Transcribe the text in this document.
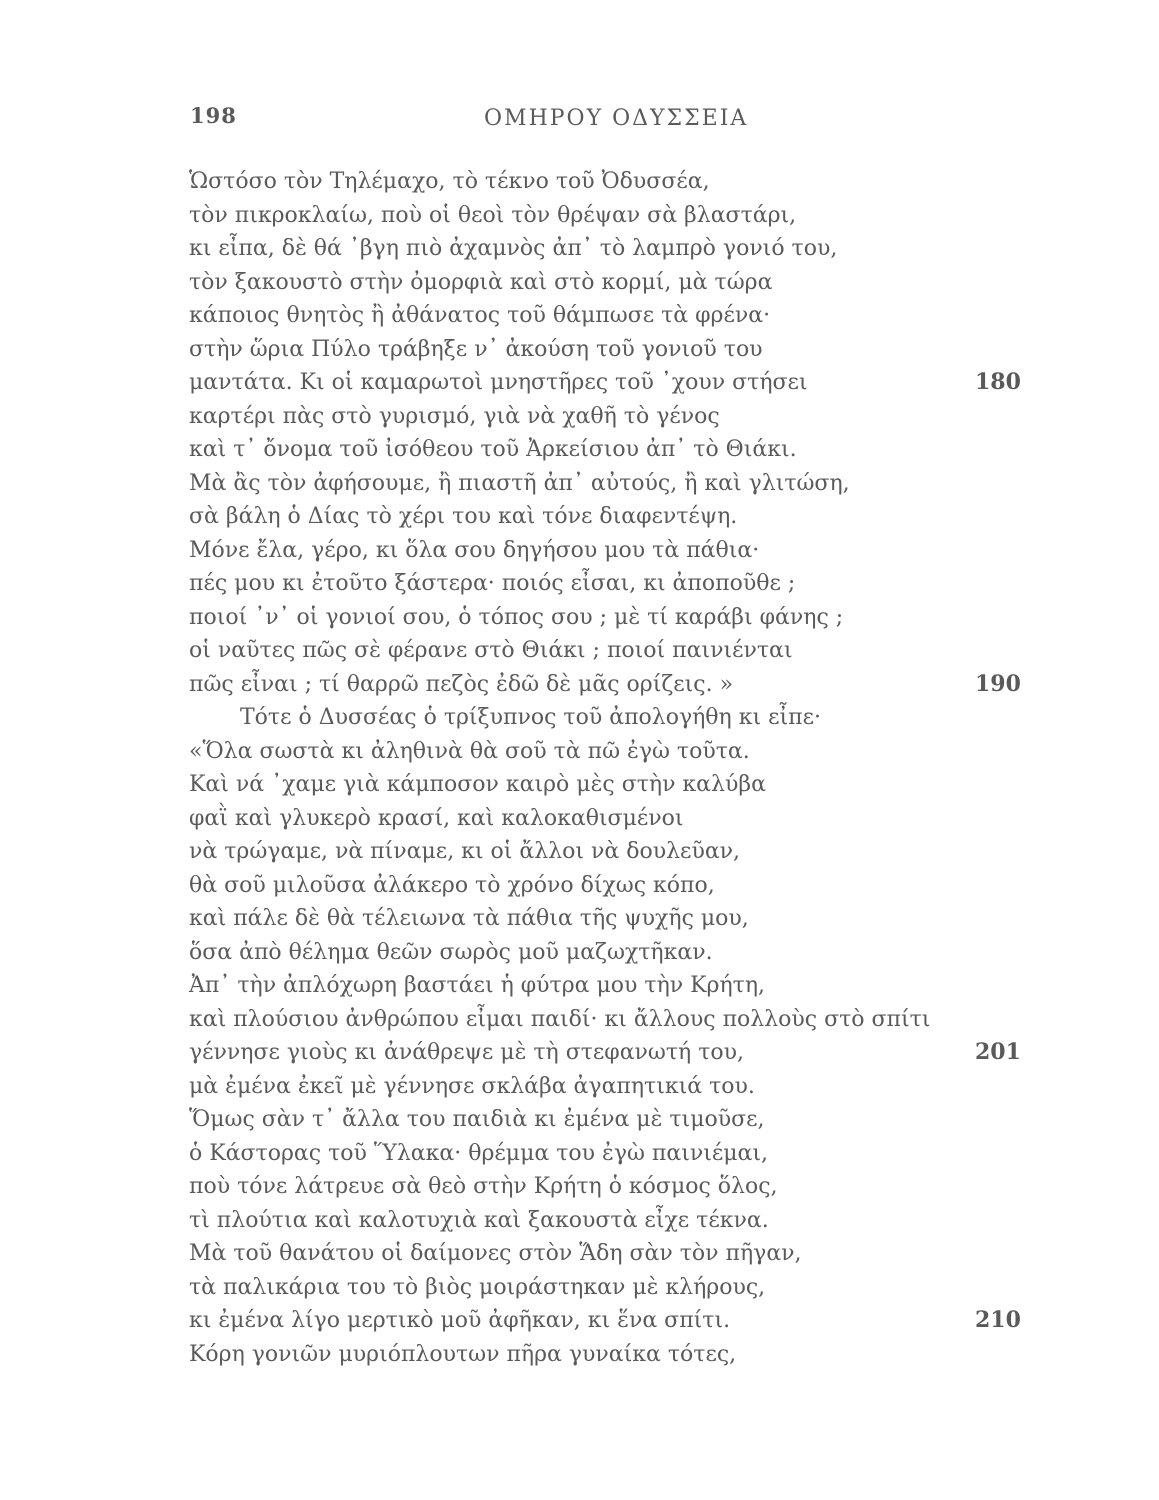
198	ΟΜΗΡΟΥ ΟΔΥΣΣΕΙΑ
Ὡστόσο τὸν Τηλέμαχο, τὸ τέκνο τοῦ Ὀδυσσέα,
τὸν πικροκλαίω, ποὺ οἱ θεοὶ τὸν θρέψαν σὰ βλαστάρι,
κι εἶπα, δὲ θά ᾽βγη πιὸ ἀχαμνὸς ἀπ᾽ τὸ λαμπρὸ γονιό του,
τὸν ξακουστὸ στὴν ὀμορφιὰ καὶ στὸ κορμί, μὰ τώρα
κάποιος θνητὸς ἢ ἀθάνατος τοῦ θάμπωσε τὰ φρένα·
στὴν ὥρια Πύλο τράβηξε ν᾽ ἀκούση τοῦ γονιοῦ του
μαντάτα. Κι οἱ καμαρωτοὶ μνηστῆρες τοῦ ᾽χουν στήσει	180
καρτέρι πὰς στὸ γυρισμό, γιὰ νὰ χαθῆ τὸ γένος
καὶ τ᾽ ὄνομα τοῦ ἰσόθεου τοῦ Ἀρκείσιου ἀπ᾽ τὸ Θιάκι.
Μὰ ἂς τὸν ἀφήσουμε, ἢ πιαστῆ ἀπ᾽ αὐτούς, ἢ καὶ γλιτώση,
σὰ βάλη ὁ Δίας τὸ χέρι του καὶ τόνε διαφεντέψη.
Μόνε ἔλα, γέρο, κι ὅλα σου δηγήσου μου τὰ πάθια·
πές μου κι ἐτοῦτο ξάστερα· ποιός εἶσαι, κι ἀποποῦθε ;
ποιοί ᾽ν᾽ οἱ γονιοί σου, ὁ τόπος σου ; μὲ τί καράβι φάνης ;
οἱ ναῦτες πῶς σὲ φέρανε στὸ Θιάκι ; ποιοί παινιένται
πῶς εἶναι ; τί θαρρῶ πεζὸς ἐδῶ δὲ μᾶς ορίζεις. »	190
Τότε ὁ Δυσσέας ὁ τρίξυπνος τοῦ ἀπολογήθη κι εἶπε·
«Ὅλα σωστὰ κι ἀληθινὰ θὰ σοῦ τὰ πῶ ἐγὼ τοῦτα.
Καὶ νά ᾽χαμε γιὰ κάμποσον καιρὸ μὲς στὴν καλύβα
φαῒ καὶ γλυκερὸ κρασί, καὶ καλοκαθισμένοι
νὰ τρώγαμε, νὰ πίναμε, κι οἱ ἄλλοι νὰ δουλεῦαν,
θὰ σοῦ μιλοῦσα ἀλάκερο τὸ χρόνο δίχως κόπο,
καὶ πάλε δὲ θὰ τέλειωνα τὰ πάθια τῆς ψυχῆς μου,
ὅσα ἀπὸ θέλημα θεῶν σωρὸς μοῦ μαζωχτῆκαν.
Ἀπ᾽ τὴν ἀπλόχωρη βαστάει ἡ φύτρα μου τὴν Κρήτη,
καὶ πλούσιου ἀνθρώπου εἶμαι παιδί· κι ἄλλους πολλοὺς στὸ σπίτι
γέννησε γιοὺς κι ἀνάθρεψε μὲ τὴ στεφανωτή του,	201
μὰ ἐμένα ἐκεῖ μὲ γέννησε σκλάβα ἀγαπητικιά του.
Ὅμως σὰν τ᾽ ἄλλα του παιδιὰ κι ἐμένα μὲ τιμοῦσε,
ὁ Κάστορας τοῦ Ὕλακα· θρέμμα του ἐγὼ παινιέμαι,
ποὺ τόνε λάτρευε σὰ θεὸ στὴν Κρήτη ὁ κόσμος ὅλος,
τὶ πλούτια καὶ καλοτυχιὰ καὶ ξακουστὰ εἶχε τέκνα.
Μὰ τοῦ θανάτου οἱ δαίμονες στὸν Ἅδη σὰν τὸν πῆγαν,
τὰ παλικάρια του τὸ βιὸς μοιράστηκαν μὲ κλήρους,
κι ἐμένα λίγο μερτικὸ μοῦ ἀφῆκαν, κι ἕνα σπίτι.	210
Κόρη γονιῶν μυριόπλουτων πῆρα γυναίκα τότες,
